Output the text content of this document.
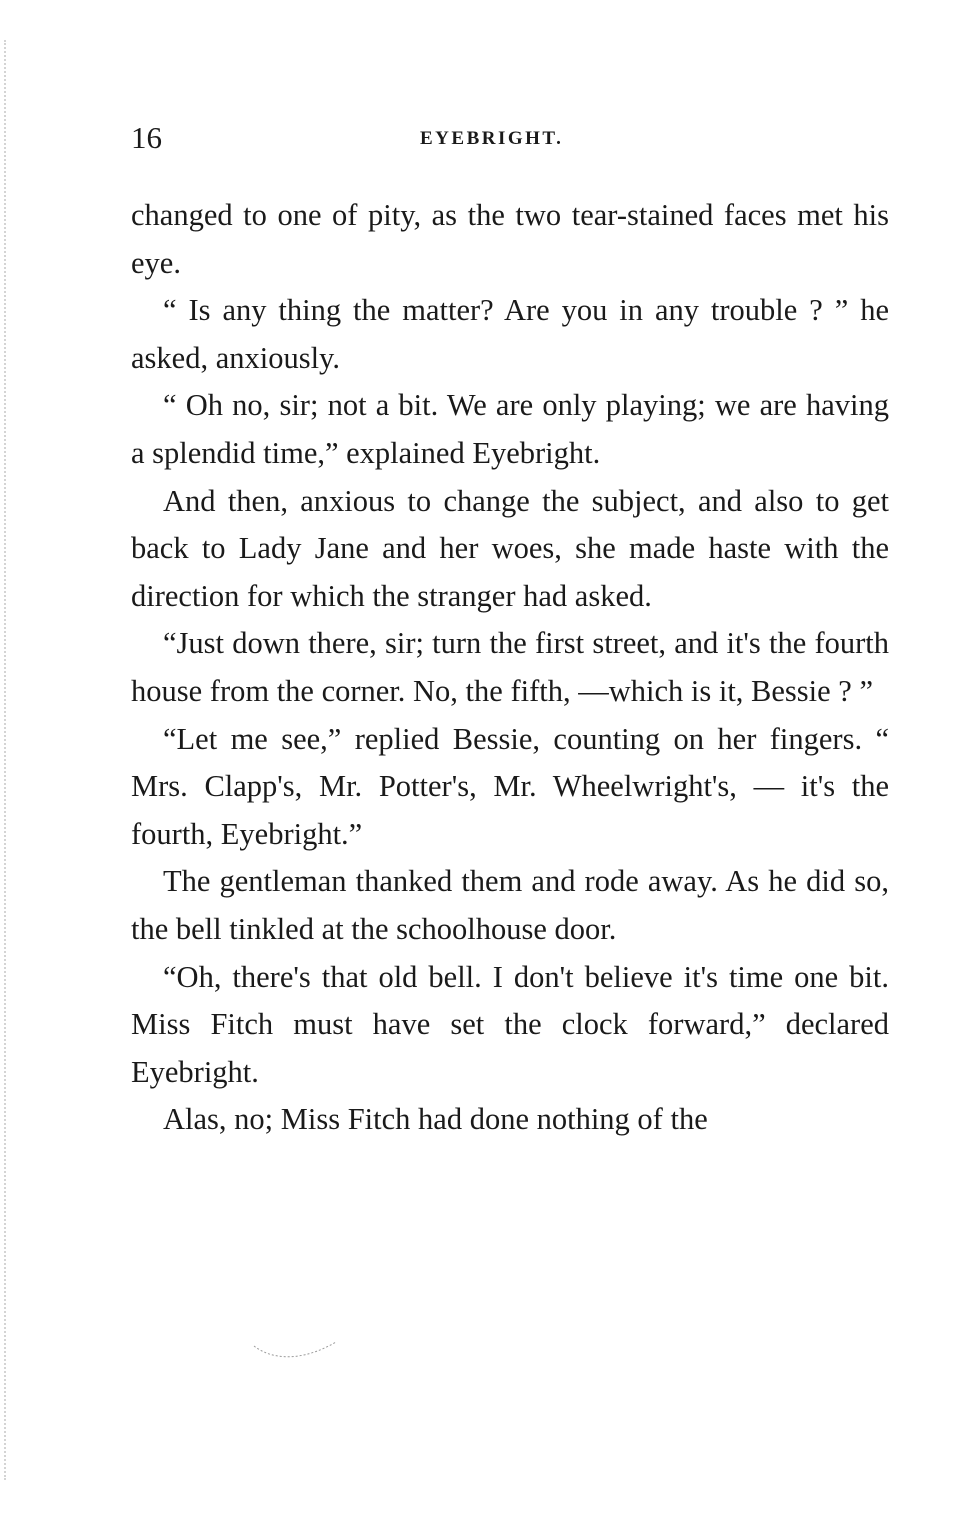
16	EYEBRIGHT.

changed to one of pity, as the two tear-stained faces met his eye.

“ Is any thing the matter? Are you in any trouble ? ” he asked, anxiously.

“ Oh no, sir; not a bit. We are only playing; we are having a splendid time,” explained Eyebright.

And then, anxious to change the subject, and also to get back to Lady Jane and her woes, she made haste with the direction for which the stranger had asked.

“Just down there, sir; turn the first street, and it's the fourth house from the corner. No, the fifth, —which is it, Bessie ? ”

“Let me see,” replied Bessie, counting on her fingers. “ Mrs. Clapp's, Mr. Potter's, Mr. Wheelwright's, — it's the fourth, Eyebright.”

The gentleman thanked them and rode away. As he did so, the bell tinkled at the schoolhouse door.

“Oh, there's that old bell. I don't believe it's time one bit. Miss Fitch must have set the clock forward,” declared Eyebright.

Alas, no; Miss Fitch had done nothing of the
